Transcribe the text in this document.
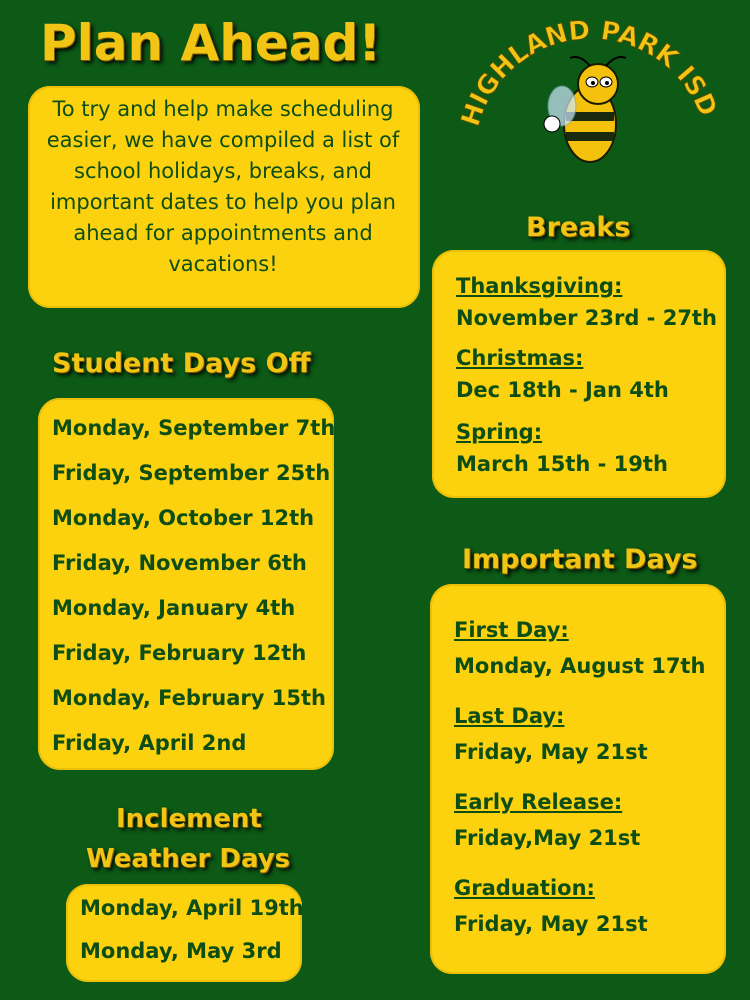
Plan Ahead!

To try and help make scheduling easier, we have compiled a list of school holidays, breaks, and important dates to help you plan ahead for appointments and vacations!

HIGHLAND PARK ISD
Student Days Off
Monday, September 7th
Friday, September 25th
Monday, October 12th
Friday, November 6th
Monday, January 4th
Friday, February 12th
Monday, February 15th
Friday, April 2nd
Inclement
Weather Days
Monday, April 19th
Monday, May 3rd
Breaks
Thanksgiving:
November 23rd - 27th
Christmas:
Dec 18th - Jan 4th
Spring:
March 15th - 19th
Important Days
First Day:
Monday, August 17th
Last Day:
Friday, May 21st
Early Release:
Friday,May 21st
Graduation:
Friday, May 21st
